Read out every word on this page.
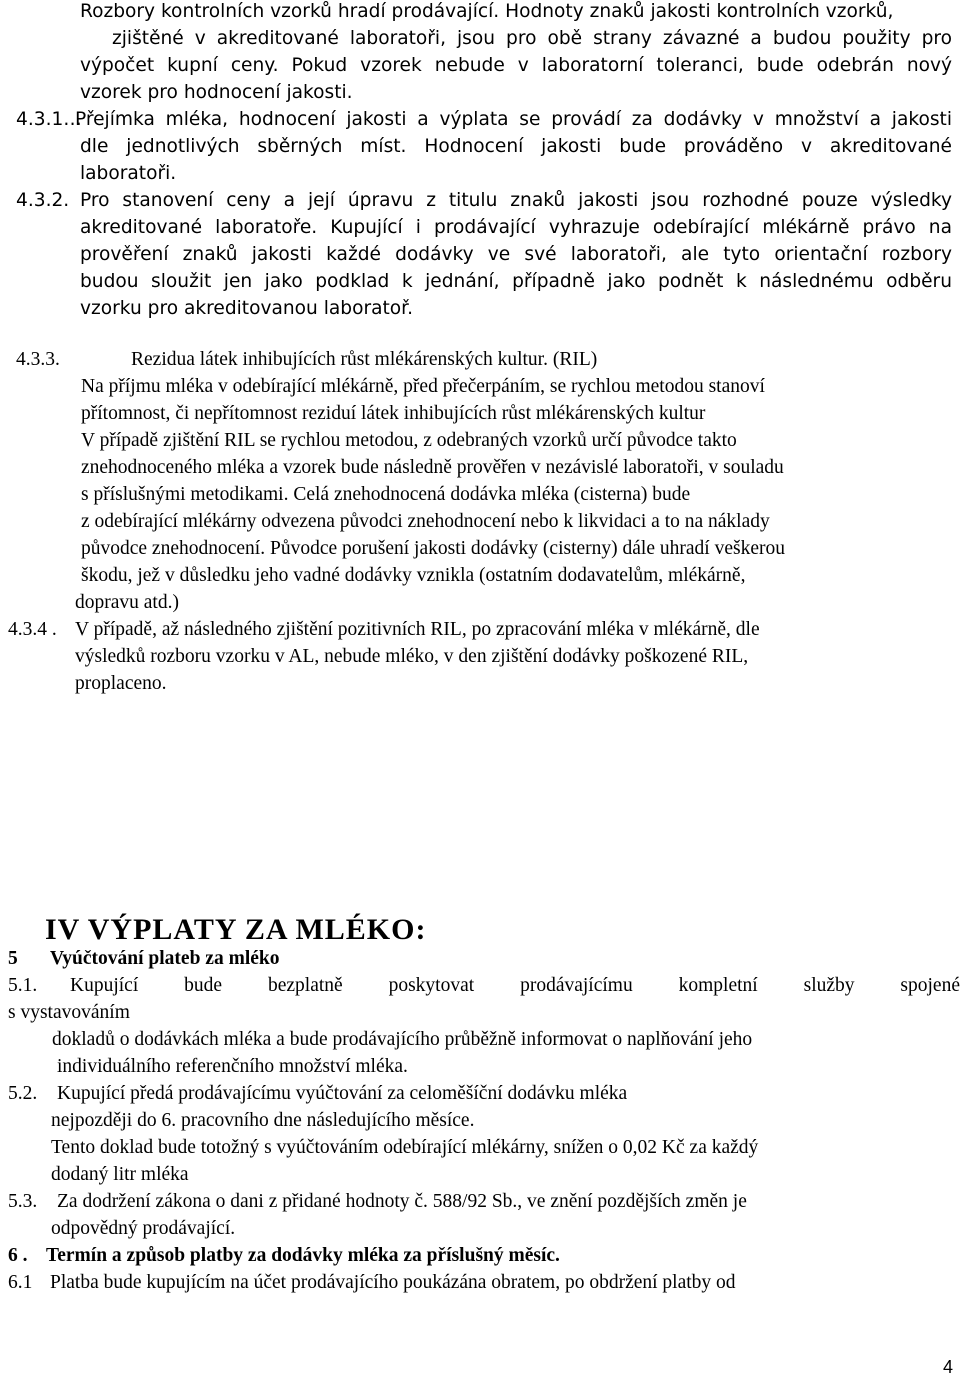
Rozbory kontrolních vzorků hradí prodávající. Hodnoty znaků jakosti kontrolních vzorků,
zjištěné v akreditované laboratoři, jsou pro obě strany závazné a budou použity pro
výpočet kupní ceny. Pokud vzorek nebude v laboratorní toleranci, bude odebrán nový
vzorek pro hodnocení jakosti.
4.3.1…
Přejímka mléka, hodnocení jakosti a výplata se provádí za dodávky v množství a jakosti
dle jednotlivých sběrných míst. Hodnocení jakosti bude prováděno v akreditované
laboratoři.
4.3.2. Pro stanovení ceny a její úpravu z titulu znaků jakosti jsou rozhodné pouze výsledky
akreditované laboratoře. Kupující i prodávající vyhrazuje odebírající mlékárně právo na
prověření znaků jakosti každé dodávky ve své laboratoři, ale tyto orientační rozbory
budou sloužit jen jako podklad k jednání, případně jako podnět k následnému odběru
vzorku pro akreditovanou laboratoř.
4.3.3.	Rezidua látek inhibujících růst mlékárenských kultur. (RIL)
Na příjmu mléka v odebírající mlékárně, před přečerpáním, se rychlou metodou stanoví
přítomnost, či nepřítomnost reziduí látek inhibujících růst mlékárenských kultur
V případě zjištění RIL se rychlou metodou, z odebraných vzorků určí původce takto
znehodnoceného mléka a vzorek bude následně prověřen v nezávislé laboratoři, v souladu
s příslušnými metodikami. Celá znehodnocená dodávka mléka (cisterna) bude
z odebírající mlékárny odvezena původci znehodnocení nebo k likvidaci a to na náklady
původce znehodnocení. Původce porušení jakosti dodávky (cisterny) dále uhradí veškerou
škodu, jež v důsledku jeho vadné dodávky vznikla (ostatním dodavatelům, mlékárně,
dopravu atd.)
4.3.4 . V případě, až následného zjištění pozitivních RIL, po zpracování mléka v mlékárně, dle
výsledků rozboru vzorku v AL, nebude mléko, v den zjištění dodávky poškozené RIL,
proplaceno.
IV VÝPLATY ZA MLÉKO:
5 Vyúčtování plateb za mléko
5.1. Kupující bude bezplatně poskytovat prodávajícímu kompletní služby spojené
s vystavováním
dokladů o dodávkách mléka a bude prodávajícího průběžně informovat o naplňování jeho
individuálního referenčního množství mléka.
5.2. Kupující předá prodávajícímu vyúčtování za celoměšíční dodávku mléka
nejpozději do 6. pracovního dne následujícího měsíce.
Tento doklad bude totožný s vyúčtováním odebírající mlékárny, snížen o 0,02 Kč za každý
dodaný litr mléka
5.3. Za dodržení zákona o dani z přidané hodnoty č. 588/92 Sb., ve znění pozdějších změn je
odpovědný prodávající.
6 . Termín a způsob platby za dodávky mléka za příslušný měsíc.
6.1 Platba bude kupujícím na účet prodávajícího poukázána obratem, po obdržení platby od
4
